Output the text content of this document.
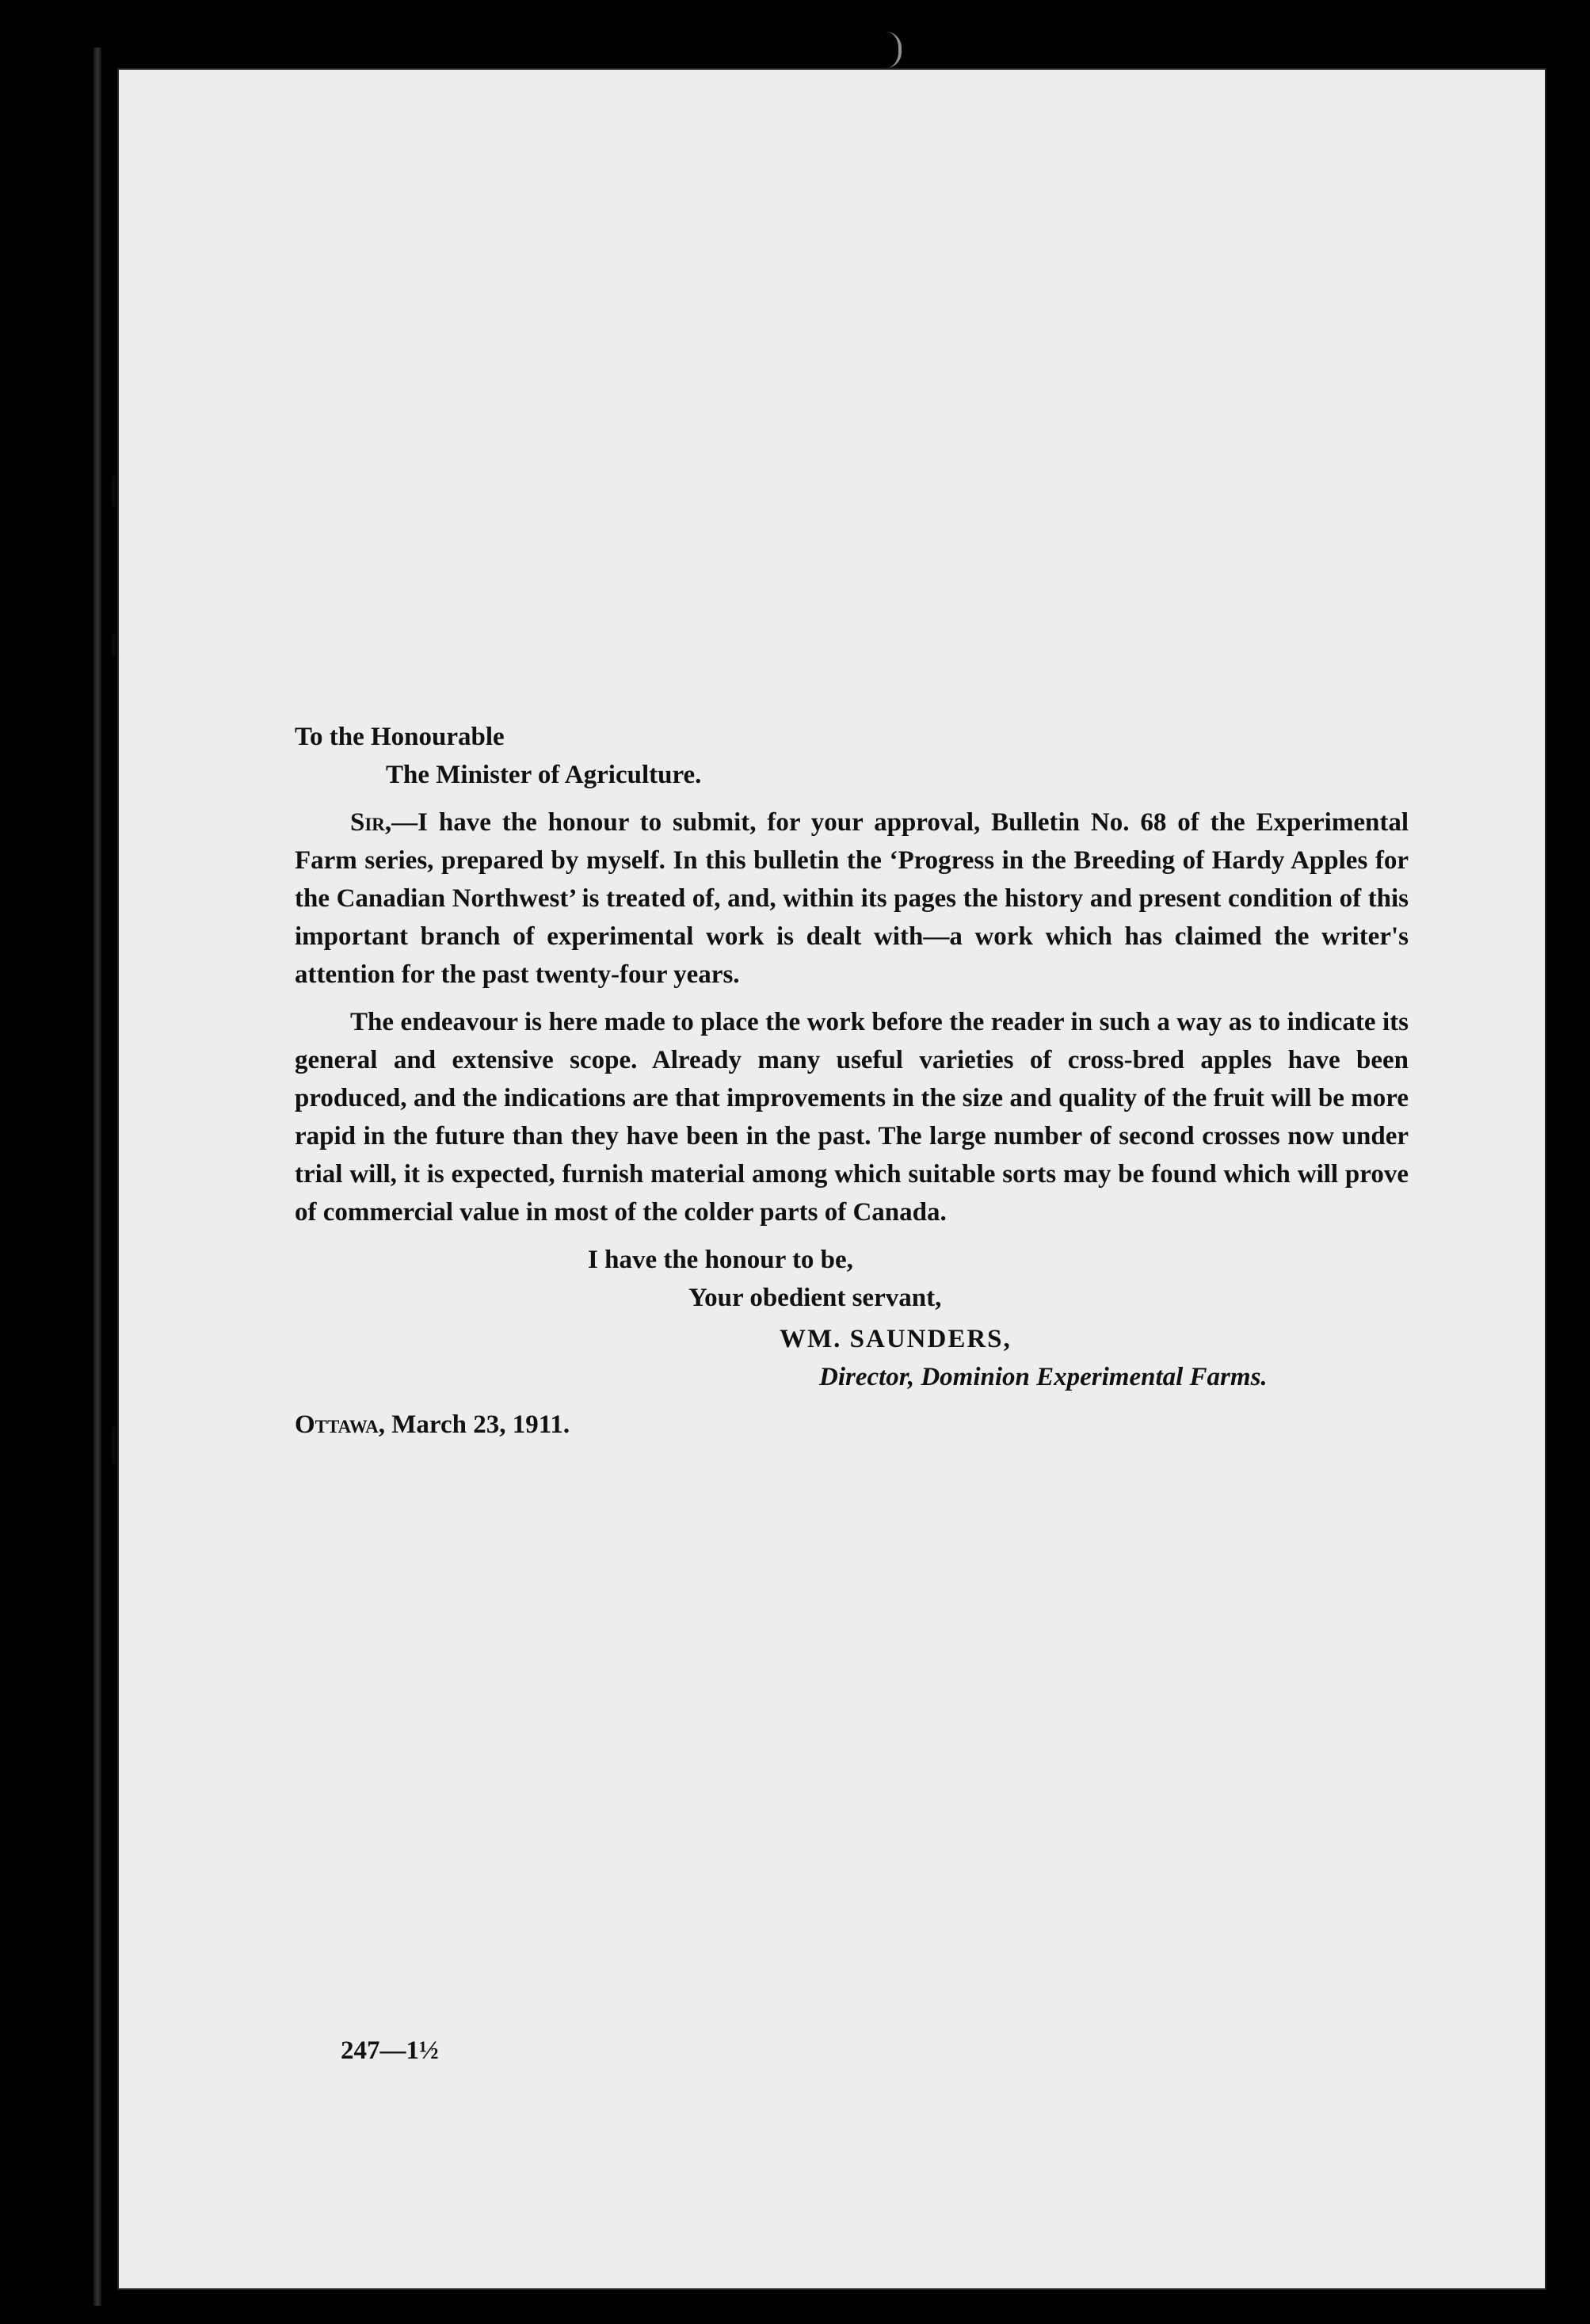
To the Honourable

The Minister of Agriculture.

Sir,—I have the honour to submit, for your approval, Bulletin No. 68 of the Experimental Farm series, prepared by myself. In this bulletin the ‘Progress in the Breeding of Hardy Apples for the Canadian Northwest’ is treated of, and, within its pages the history and present condition of this important branch of experimental work is dealt with—a work which has claimed the writer's attention for the past twenty-four years.

The endeavour is here made to place the work before the reader in such a way as to indicate its general and extensive scope. Already many useful varieties of cross-bred apples have been produced, and the indications are that improvements in the size and quality of the fruit will be more rapid in the future than they have been in the past. The large number of second crosses now under trial will, it is expected, furnish material among which suitable sorts may be found which will prove of commercial value in most of the colder parts of Canada.

I have the honour to be,

Your obedient servant,

WM. SAUNDERS,

Director, Dominion Experimental Farms.

Ottawa, March 23, 1911.

247—1½
